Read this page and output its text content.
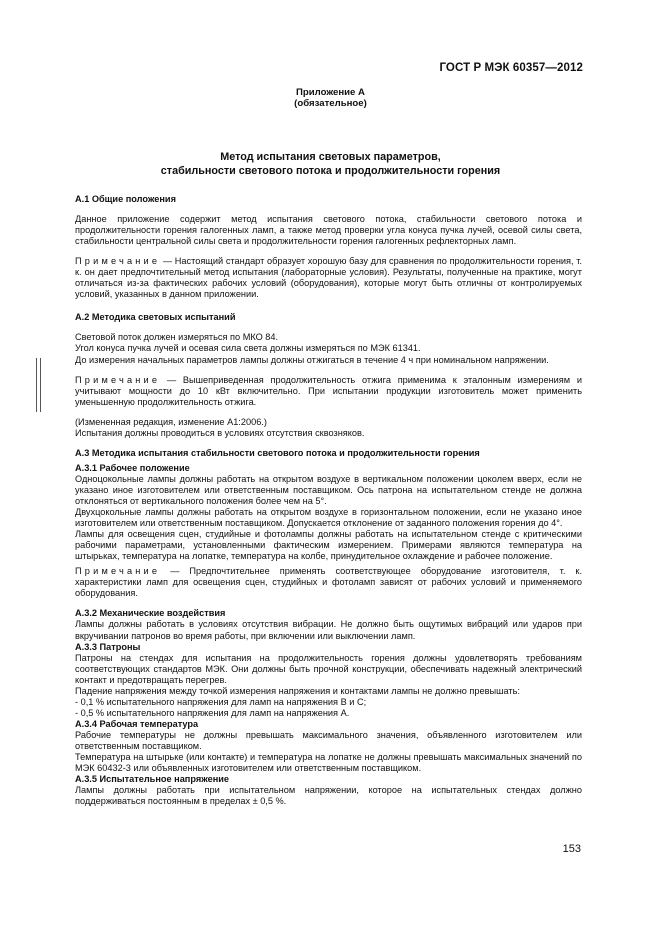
ГОСТ Р МЭК 60357—2012
Приложение А
(обязательное)
Метод испытания световых параметров,
стабильности светового потока и продолжительности горения

А.1 Общие положения

Данное приложение содержит метод испытания светового потока, стабильности светового потока и продолжительности горения галогенных ламп, а также метод проверки угла конуса пучка лучей, осевой силы света, стабильности центральной силы света и продолжительности горения галогенных рефлекторных ламп.

Примечание — Настоящий стандарт образует хорошую базу для сравнения по продолжительности горения, т. к. он дает предпочтительный метод испытания (лабораторные условия). Результаты, полученные на практике, могут отличаться из-за фактических рабочих условий (оборудования), которые могут быть отличны от контролируемых условий, указанных в данном приложении.

А.2 Методика световых испытаний

Световой поток должен измеряться по МКО 84.

Угол конуса пучка лучей и осевая сила света должны измеряться по МЭК 61341.

До измерения начальных параметров лампы должны отжигаться в течение 4 ч при номинальном напряжении.

Примечание — Вышеприведенная продолжительность отжига применима к эталонным измерениям и учитывают мощности до 10 кВт включительно. При испытании продукции изготовитель может применить уменьшенную продолжительность отжига.

(Измененная редакция, изменение А1:2006.)

Испытания должны проводиться в условиях отсутствия сквозняков.

А.3 Методика испытания стабильности светового потока и продолжительности горения

А.3.1 Рабочее положение

Одноцокольные лампы должны работать на открытом воздухе в вертикальном положении цоколем вверх, если не указано иное изготовителем или ответственным поставщиком. Ось патрона на испытательном стенде не должна отклоняться от вертикального положения более чем на 5°.

Двухцокольные лампы должны работать на открытом воздухе в горизонтальном положении, если не указано иное изготовителем или ответственным поставщиком. Допускается отклонение от заданного положения горения до 4°.

Лампы для освещения сцен, студийные и фотолампы должны работать на испытательном стенде с критическими рабочими параметрами, установленными фактическим измерением. Примерами являются температура на штырьках, температура на лопатке, температура на колбе, принудительное охлаждение и рабочее положение.

Примечание — Предпочтительнее применять соответствующее оборудование изготовителя, т. к. характеристики ламп для освещения сцен, студийных и фотоламп зависят от рабочих условий и применяемого оборудования.

А.3.2 Механические воздействия

Лампы должны работать в условиях отсутствия вибрации. Не должно быть ощутимых вибраций или ударов при вкручивании патронов во время работы, при включении или выключении ламп.

А.3.3 Патроны

Патроны на стендах для испытания на продолжительность горения должны удовлетворять требованиям соответствующих стандартов МЭК. Они должны быть прочной конструкции, обеспечивать надежный электрический контакт и предотвращать перегрев.

Падение напряжения между точкой измерения напряжения и контактами лампы не должно превышать:

- 0,1 % испытательного напряжения для ламп на напряжения В и С;

- 0,5 % испытательного напряжения для ламп на напряжения А.

А.3.4 Рабочая температура

Рабочие температуры не должны превышать максимального значения, объявленного изготовителем или ответственным поставщиком.

Температура на штырьке (или контакте) и температура на лопатке не должны превышать максимальных значений по МЭК 60432-3 или объявленных изготовителем или ответственным поставщиком.

А.3.5 Испытательное напряжение

Лампы должны работать при испытательном напряжении, которое на испытательных стендах должно поддерживаться постоянным в пределах ± 0,5 %.

153
